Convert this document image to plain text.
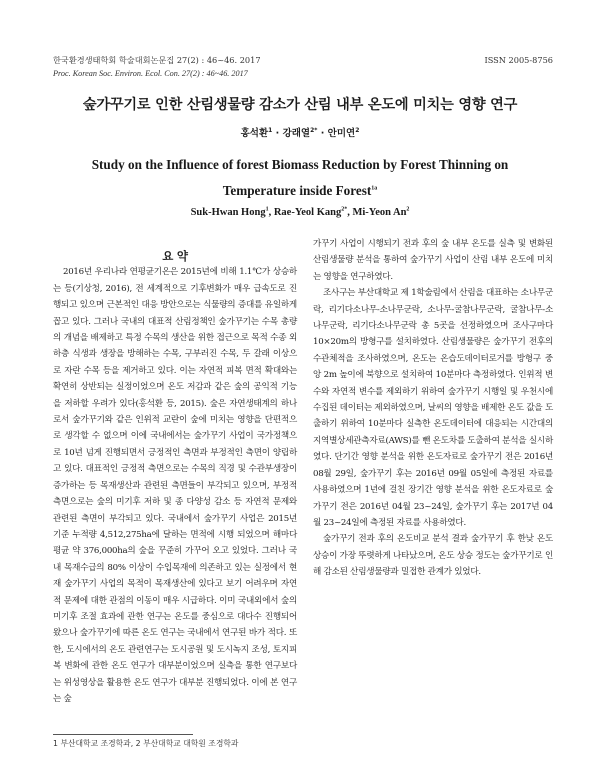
한국환경생태학회 학술대회논문집 27(2) : 46~46. 2017	ISSN 2005-8756
Proc. Korean Soc. Environ. Ecol. Con. 27(2) : 46~46. 2017
숲가꾸기로 인한 산림생물량 감소가 산림 내부 온도에 미치는 영향 연구
홍석환$^1$ · 강래열$^{2*}$ · 안미연$^2$
Study on the Influence of forest Biomass Reduction by Forest Thinning on
Temperature inside Forest$^{1a}$
Suk-Hwan Hong$^1$, Rae-Yeol Kang$^{2*}$, Mi-Yeon An$^2$

요 약

2016년 우리나라 연평균기온은 2015년에 비해 1.1℃가 상승하는 등(기상청, 2016), 전 세계적으로 기후변화가 매우 급속도로 진행되고 있으며 근본적인 대응 방안으로는 식물량의 증대를 유일하게 꼽고 있다. 그러나 국내의 대표적 산림정책인 숲가꾸기는 수목 총량의 개념을 배제하고 특정 수목의 생산을 위한 접근으로 목적 수종 외 하층 식생과 생장을 방해하는 수목, 구부러진 수목, 두 갈래 이상으로 자란 수목 등을 제거하고 있다. 이는 자연적 피복 면적 확대와는 확연히 상반되는 실정이었으며 온도 저감과 같은 숲의 공익적 기능을 저하할 우려가 있다(홍석환 등, 2015). 숲은 자연생태계의 하나로서 숲가꾸기와 같은 인위적 교란이 숲에 미치는 영향을 단편적으로 생각할 수 없으며 이에 국내에서는 숲가꾸기 사업이 국가정책으로 10년 넘게 진행되면서 긍정적인 측면과 부정적인 측면이 양립하고 있다. 대표적인 긍정적 측면으로는 수목의 직경 및 수관부생장이 증가하는 등 목재생산과 관련된 측면들이 부각되고 있으며, 부정적 측면으로는 숲의 미기후 저하 및 종 다양성 감소 등 자연적 문제와 관련된 측면이 부각되고 있다. 국내에서 숲가꾸기 사업은 2015년 기준 누적량 4,512,275ha에 달하는 면적에 시행 되었으며 해마다 평균 약 376,000ha의 숲을 꾸준히 가꾸어 오고 있었다. 그러나 국내 목재수급의 80% 이상이 수입목재에 의존하고 있는 실정에서 현재 숲가꾸기 사업의 목적이 목재생산에 있다고 보기 어려우며 자연적 문제에 대한 관점의 이동이 매우 시급하다. 이미 국내외에서 숲의 미기후 조절 효과에 관한 연구는 온도를 중심으로 대다수 진행되어 왔으나 숲가꾸기에 따른 온도 연구는 국내에서 연구된 바가 적다. 또한, 도시에서의 온도 관련연구는 도시공원 및 도시녹지 조성, 토지피복 변화에 관한 온도 연구가 대부분이었으며 실측을 통한 연구보다는 위성영상을 활용한 온도 연구가 대부분 진행되었다. 이에 본 연구는 숲

가꾸기 사업이 시행되기 전과 후의 숲 내부 온도를 실측 및 변화된 산림생물량 분석을 통하여 숲가꾸기 사업이 산림 내부 온도에 미치는 영향을 연구하였다.

조사구는 부산대학교 제 1학술림에서 산림을 대표하는 소나무군락, 리기다소나무-소나무군락, 소나무-굴참나무군락, 굴참나무-소나무군락, 리기다소나무군락 총 5곳을 선정하였으며 조사구마다 10×20m의 방형구를 설치하였다. 산림생물량은 숲가꾸기 전후의 수관체적을 조사하였으며, 온도는 온습도데이터로거를 방형구 중앙 2m 높이에 북향으로 설치하여 10분마다 측정하였다. 인위적 변수와 자연적 변수를 제외하기 위하여 숲가꾸기 시행일 및 우천시에 수집된 데이터는 제외하였으며, 날씨의 영향을 배제한 온도 값을 도출하기 위하여 10분마다 실측한 온도데이터에 대응되는 시간대의 지역별상세관측자료(AWS)를 뺀 온도차를 도출하여 분석을 실시하였다. 단기간 영향 분석을 위한 온도자료로 숲가꾸기 전은 2016년 08월 29일, 숲가꾸기 후는 2016년 09월 05일에 측정된 자료를 사용하였으며 1년에 걸친 장기간 영향 분석을 위한 온도자료로 숲가꾸기 전은 2016년 04월 23~24일, 숲가꾸기 후는 2017년 04월 23~24일에 측정된 자료를 사용하였다.

숲가꾸기 전과 후의 온도비교 분석 결과 숲가꾸기 후 한낮 온도 상승이 가장 뚜렷하게 나타났으며, 온도 상승 정도는 숲가꾸기로 인해 감소된 산림생물량과 밀접한 관계가 있었다.

1 부산대학교 조경학과, 2 부산대학교 대학원 조경학과
